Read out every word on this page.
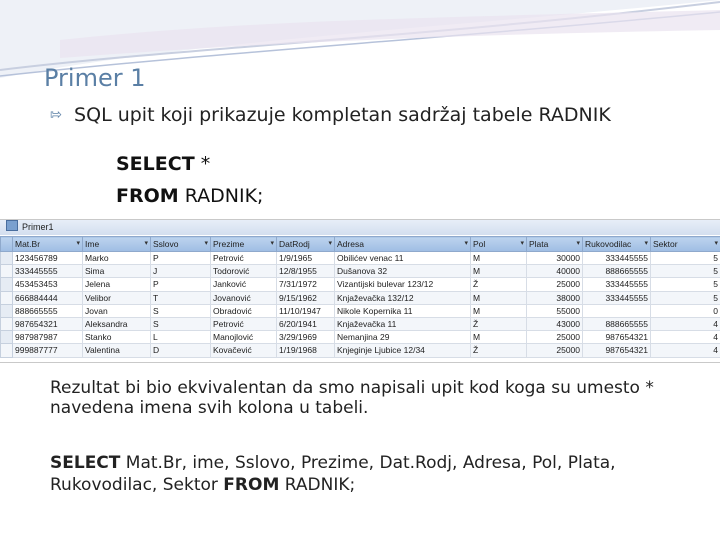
Primer 1
⇰ SQL upit koji prikazuje kompletan sadržaj tabele RADNIK
SELECT *
FROM RADNIK;
Primer1
	Mat.Br ▾	Ime ▾	Sslovo ▾	Prezime ▾	DatRodj ▾	Adresa ▾	Pol ▾	Plata ▾	Rukovodilac ▾	Sektor ▾

	123456789	Marko	P	Petrović	1/9/1965	Obilićev venac 11	M	30000	333445555	5
	333445555	Sima	J	Todorović	12/8/1955	Dušanova 32	M	40000	888665555	5
	453453453	Jelena	P	Janković	7/31/1972	Vizantijski bulevar 123/12	Ž	25000	333445555	5
	666884444	Velibor	T	Jovanović	9/15/1962	Knjaževačka 132/12	M	38000	333445555	5
	888665555	Jovan	S	Obradović	11/10/1947	Nikole Kopernika 11	M	55000		0
	987654321	Aleksandra	S	Petrović	6/20/1941	Knjaževačka 11	Ž	43000	888665555	4
	987987987	Stanko	L	Manojlović	3/29/1969	Nemanjina 29	M	25000	987654321	4
	999887777	Valentina	D	Kovačević	1/19/1968	Knjeginje Ljubice 12/34	Ž	25000	987654321	4
Rezultat bi bio ekvivalentan da smo napisali upit kod koga su umesto * navedena imena svih kolona u tabeli.
SELECT Mat.Br, ime, Sslovo, Prezime, Dat.Rodj, Adresa, Pol, Plata, Rukovodilac, Sektor FROM RADNIK;
